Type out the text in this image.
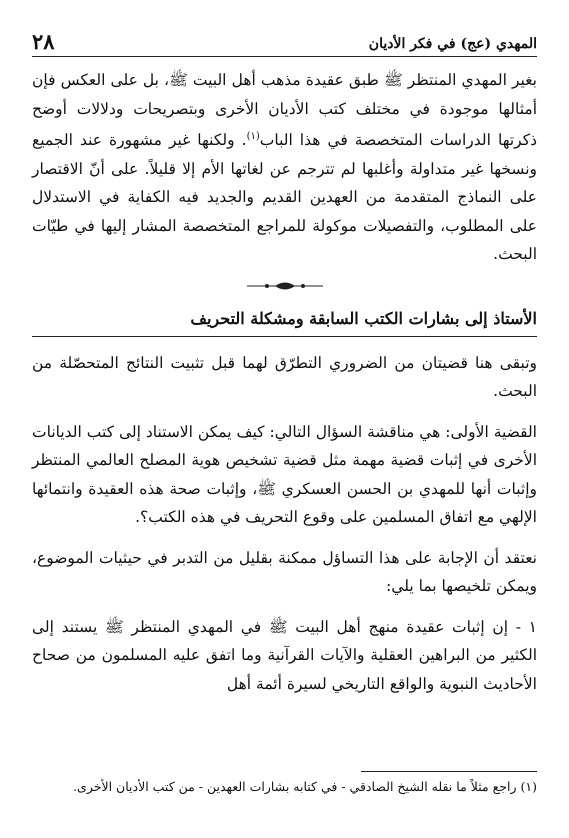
المهدي (عج) في فكر الأديان
٢٨

بغير المهدي المنتظر ﷺ طبق عقيدة مذهب أهل البيت ﷺ، بل على العكس فإن أمثالها موجودة في مختلف كتب الأديان الأخرى وبتصريحات ودلالات أوضح ذكرتها الدراسات المتخصصة في هذا الباب$^{(١)}$. ولكنها غير مشهورة عند الجميع ونسخها غير متداولة وأغلبها لم تترجم عن لغاتها الأم إلا قليلاً. على أنّ الاقتصار على النماذج المتقدمة من العهدين القديم والجديد فيه الكفاية في الاستدلال على المطلوب، والتفصيلات موكولة للمراجع المتخصصة المشار إليها في طيّات البحث.

الأستاذ إلى بشارات الكتب السابقة ومشكلة التحريف

وتبقى هنا قضيتان من الضروري التطرّق لهما قبل تثبيت النتائج المتحصّلة من البحث.

القضية الأولى: هي مناقشة السؤال التالي: كيف يمكن الاستناد إلى كتب الديانات الأخرى في إثبات قضية مهمة مثل قضية تشخيص هوية المصلح العالمي المنتظر وإثبات أنها للمهدي بن الحسن العسكري ﷺ، وإثبات صحة هذه العقيدة وانتمائها الإلهي مع اتفاق المسلمين على وقوع التحريف في هذه الكتب؟.

نعتقد أن الإجابة على هذا التساؤل ممكنة بقليل من التدبر في حيثيات الموضوع، ويمكن تلخيصها بما يلي:

١ - إن إثبات عقيدة منهج أهل البيت ﷺ في المهدي المنتظر ﷺ يستند إلى الكثير من البراهين العقلية والآيات القرآنية وما اتفق عليه المسلمون من صحاح الأحاديث النبوية والواقع التاريخي لسيرة أئمة أهل

(١) راجع مثلاً ما نقله الشيخ الصادقي - في كتابه بشارات العهدين - من كتب الأديان الأخرى.
